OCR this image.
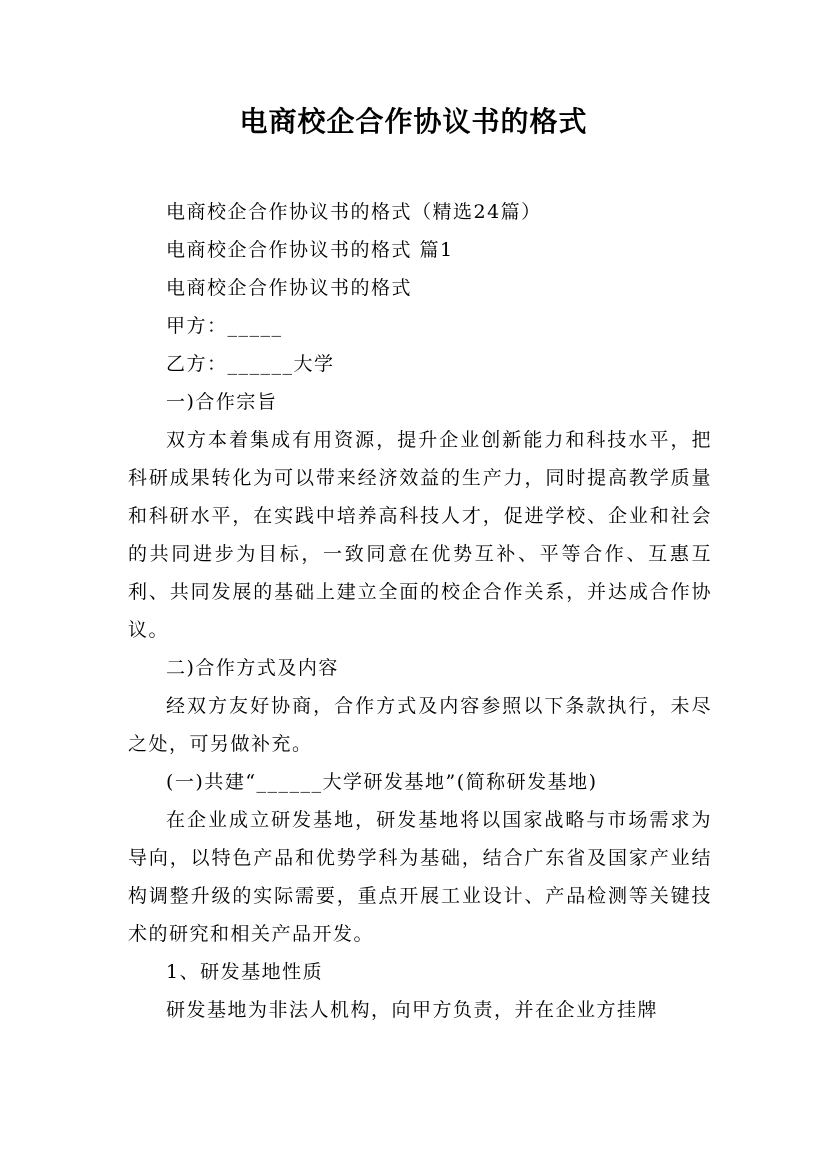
电商校企合作协议书的格式

电商校企合作协议书的格式（精选24篇）

电商校企合作协议书的格式 篇1

电商校企合作协议书的格式

甲方：_____

乙方：______大学

一)合作宗旨

双方本着集成有用资源，提升企业创新能力和科技水平，把科研成果转化为可以带来经济效益的生产力，同时提高教学质量和科研水平，在实践中培养高科技人才，促进学校、企业和社会的共同进步为目标，一致同意在优势互补、平等合作、互惠互利、共同发展的基础上建立全面的校企合作关系，并达成合作协议。

二)合作方式及内容

经双方友好协商，合作方式及内容参照以下条款执行，未尽之处，可另做补充。

(一)共建“______大学研发基地”(简称研发基地)

在企业成立研发基地，研发基地将以国家战略与市场需求为导向，以特色产品和优势学科为基础，结合广东省及国家产业结构调整升级的实际需要，重点开展工业设计、产品检测等关键技术的研究和相关产品开发。

1、研发基地性质

研发基地为非法人机构，向甲方负责，并在企业方挂牌
